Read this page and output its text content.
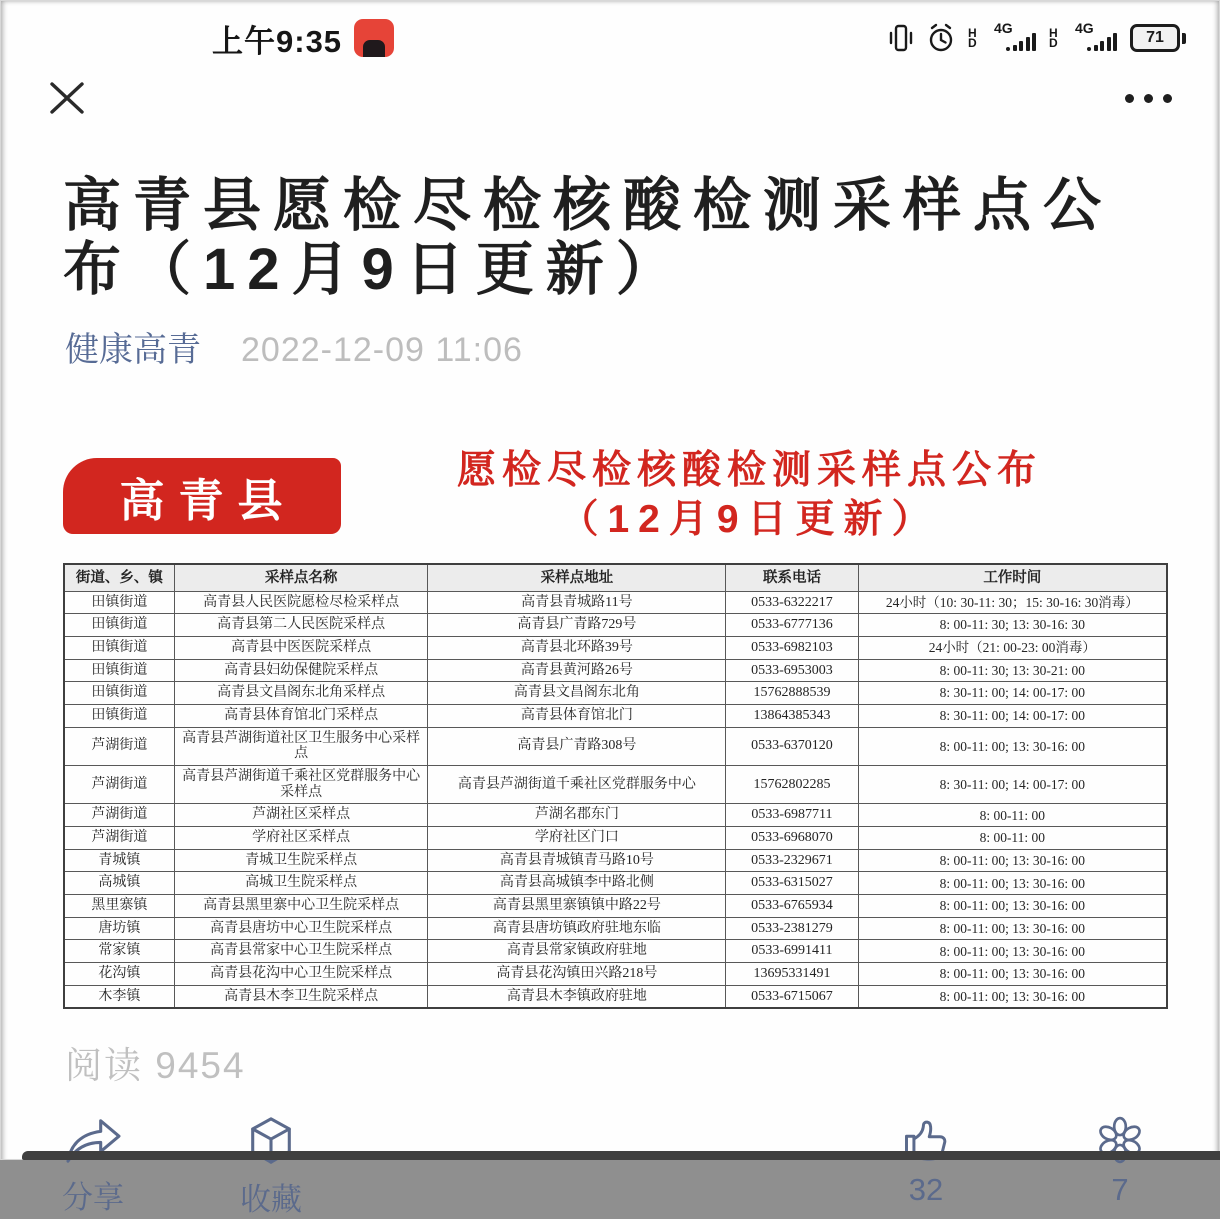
上午9:35	HD
4G	HD
4G
71
高青县愿检尽检核酸检测采样点公布（12月9日更新）
健康高青 2022-12-09 11:06
高青县
愿检尽检核酸检测采样点公布
（12月9日更新）
街道、乡、镇	采样点名称	采样点地址	联系电话	工作时间
田镇街道	高青县人民医院愿检尽检采样点	高青县青城路11号	0533-6322217	24小时（10: 30-11: 30；15: 30-16: 30消毒）
田镇街道	高青县第二人民医院采样点	高青县广青路729号	0533-6777136	8: 00-11: 30; 13: 30-16: 30
田镇街道	高青县中医医院采样点	高青县北环路39号	0533-6982103	24小时（21: 00-23: 00消毒）
田镇街道	高青县妇幼保健院采样点	高青县黄河路26号	0533-6953003	8: 00-11: 30; 13: 30-21: 00
田镇街道	高青县文昌阁东北角采样点	高青县文昌阁东北角	15762888539	8: 30-11: 00; 14: 00-17: 00
田镇街道	高青县体育馆北门采样点	高青县体育馆北门	13864385343	8: 30-11: 00; 14: 00-17: 00
芦湖街道	高青县芦湖街道社区卫生服务中心采样点	高青县广青路308号	0533-6370120	8: 00-11: 00; 13: 30-16: 00
芦湖街道	高青县芦湖街道千乘社区党群服务中心采样点	高青县芦湖街道千乘社区党群服务中心	15762802285	8: 30-11: 00; 14: 00-17: 00
芦湖街道	芦湖社区采样点	芦湖名郡东门	0533-6987711	8: 00-11: 00
芦湖街道	学府社区采样点	学府社区门口	0533-6968070	8: 00-11: 00
青城镇	青城卫生院采样点	高青县青城镇青马路10号	0533-2329671	8: 00-11: 00; 13: 30-16: 00
高城镇	高城卫生院采样点	高青县高城镇李中路北侧	0533-6315027	8: 00-11: 00; 13: 30-16: 00
黑里寨镇	高青县黑里寨中心卫生院采样点	高青县黑里寨镇镇中路22号	0533-6765934	8: 00-11: 00; 13: 30-16: 00
唐坊镇	高青县唐坊中心卫生院采样点	高青县唐坊镇政府驻地东临	0533-2381279	8: 00-11: 00; 13: 30-16: 00
常家镇	高青县常家中心卫生院采样点	高青县常家镇政府驻地	0533-6991411	8: 00-11: 00; 13: 30-16: 00
花沟镇	高青县花沟中心卫生院采样点	高青县花沟镇田兴路218号	13695331491	8: 00-11: 00; 13: 30-16: 00
木李镇	高青县木李卫生院采样点	高青县木李镇政府驻地	0533-6715067	8: 00-11: 00; 13: 30-16: 00
阅读 9454
分享	收藏	32	7
